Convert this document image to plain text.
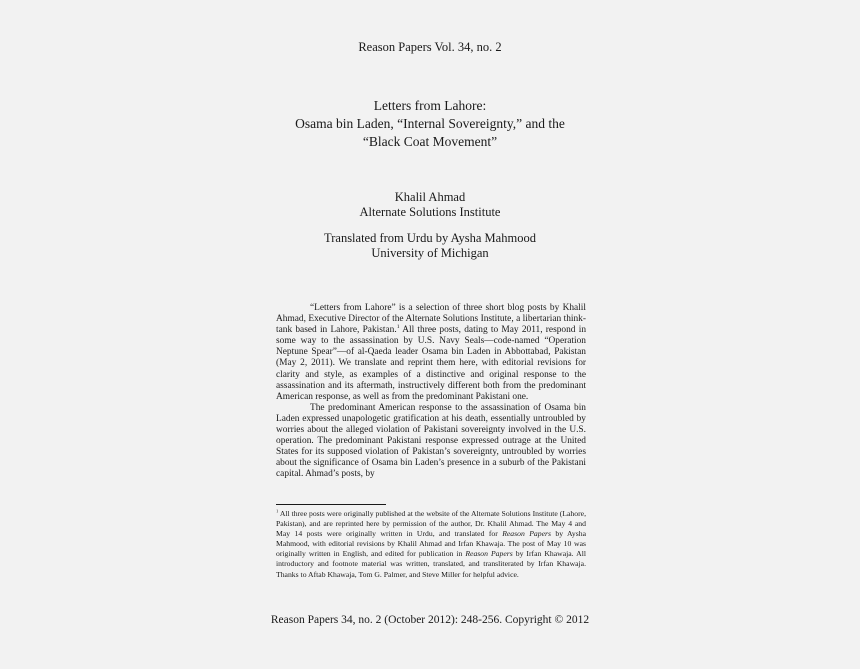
Reason Papers Vol. 34, no. 2
Letters from Lahore:
Osama bin Laden, “Internal Sovereignty,” and the
“Black Coat Movement”
Khalil Ahmad
Alternate Solutions Institute
Translated from Urdu by Aysha Mahmood
University of Michigan

“Letters from Lahore” is a selection of three short blog posts by Khalil Ahmad, Executive Director of the Alternate Solutions Institute, a libertarian think-tank based in Lahore, Pakistan.$^1$ All three posts, dating to May 2011, respond in some way to the assassination by U.S. Navy Seals—code-named “Operation Neptune Spear”—of al-Qaeda leader Osama bin Laden in Abbottabad, Pakistan (May 2, 2011). We translate and reprint them here, with editorial revisions for clarity and style, as examples of a distinctive and original response to the assassination and its aftermath, instructively different both from the predominant American response, as well as from the predominant Pakistani one.

The predominant American response to the assassination of Osama bin Laden expressed unapologetic gratification at his death, essentially untroubled by worries about the alleged violation of Pakistani sovereignty involved in the U.S. operation. The predominant Pakistani response expressed outrage at the United States for its supposed violation of Pakistan’s sovereignty, untroubled by worries about the significance of Osama bin Laden’s presence in a suburb of the Pakistani capital. Ahmad’s posts, by

$^1$ All three posts were originally published at the website of the Alternate Solutions Institute (Lahore, Pakistan), and are reprinted here by permission of the author, Dr. Khalil Ahmad. The May 4 and May 14 posts were originally written in Urdu, and translated for Reason Papers by Aysha Mahmood, with editorial revisions by Khalil Ahmad and Irfan Khawaja. The post of May 10 was originally written in English, and edited for publication in Reason Papers by Irfan Khawaja. All introductory and footnote material was written, translated, and transliterated by Irfan Khawaja. Thanks to Aftab Khawaja, Tom G. Palmer, and Steve Miller for helpful advice.

Reason Papers 34, no. 2 (October 2012): 248-256. Copyright © 2012
